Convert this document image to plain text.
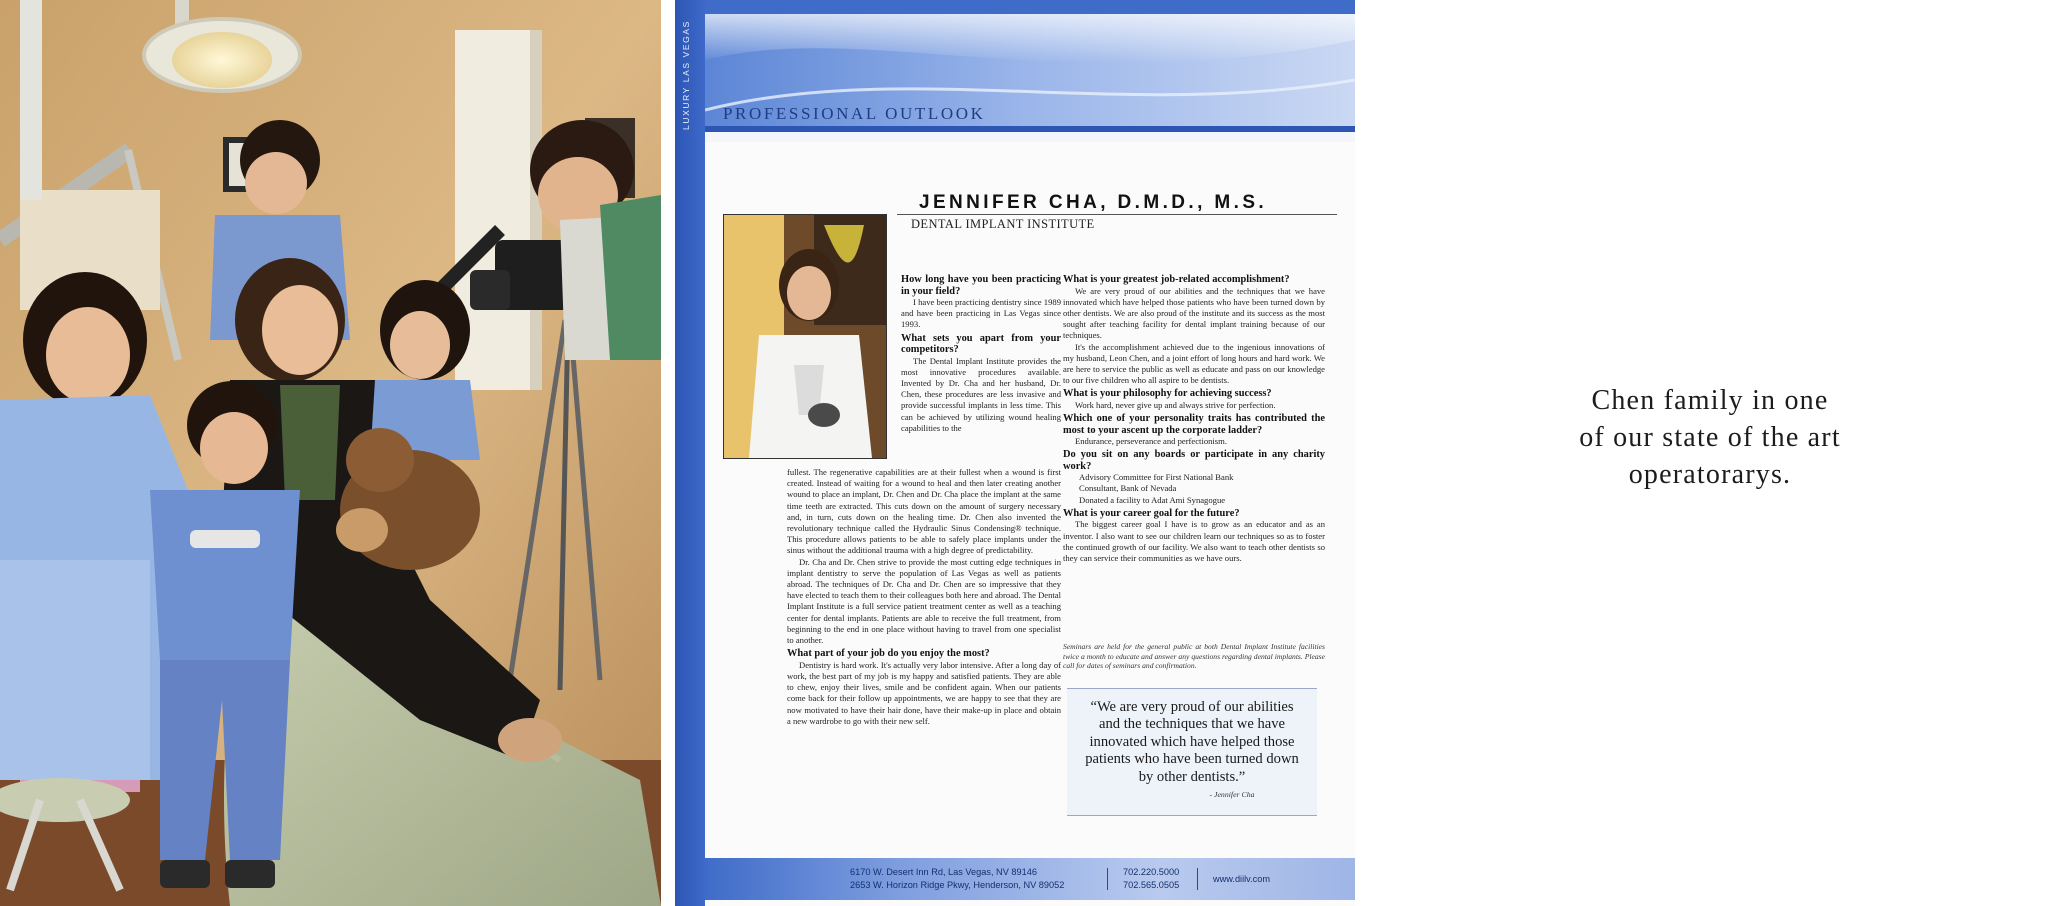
PROFESSIONAL OUTLOOK
JENNIFER CHA, D.M.D., M.S.
DENTAL IMPLANT INSTITUTE

How long have you been practicing in your field?

I have been practicing dentistry since 1989 and have been practicing in Las Vegas since 1993.

What sets you apart from your competitors?

The Dental Implant Institute provides the most innovative procedures available. Invented by Dr. Cha and her husband, Dr. Chen, these procedures are less invasive and provide successful implants in less time. This can be achieved by utilizing wound healing capabilities to the

fullest. The regenerative capabilities are at their fullest when a wound is first created. Instead of waiting for a wound to heal and then later creating another wound to place an implant, Dr. Chen and Dr. Cha place the implant at the same time teeth are extracted. This cuts down on the amount of surgery necessary and, in turn, cuts down on the healing time. Dr. Chen also invented the revolutionary technique called the Hydraulic Sinus Condensing® technique. This procedure allows patients to be able to safely place implants under the sinus without the additional trauma with a high degree of predictability.

Dr. Cha and Dr. Chen strive to provide the most cutting edge techniques in implant dentistry to serve the population of Las Vegas as well as patients abroad. The techniques of Dr. Cha and Dr. Chen are so impressive that they have elected to teach them to their colleagues both here and abroad. The Dental Implant Institute is a full service patient treatment center as well as a teaching center for dental implants. Patients are able to receive the full treatment, from beginning to the end in one place without having to travel from one specialist to another.

What part of your job do you enjoy the most?

Dentistry is hard work. It's actually very labor intensive. After a long day of work, the best part of my job is my happy and satisfied patients. They are able to chew, enjoy their lives, smile and be confident again. When our patients come back for their follow up appointments, we are happy to see that they are now motivated to have their hair done, have their make-up in place and obtain a new wardrobe to go with their new self.

What is your greatest job-related accomplishment?

We are very proud of our abilities and the techniques that we have innovated which have helped those patients who have been turned down by other dentists. We are also proud of the institute and its success as the most sought after teaching facility for dental implant training because of our techniques.

It's the accomplishment achieved due to the ingenious innovations of my husband, Leon Chen, and a joint effort of long hours and hard work. We are here to service the public as well as educate and pass on our knowledge to our five children who all aspire to be dentists.

What is your philosophy for achieving success?

Work hard, never give up and always strive for perfection.

Which one of your personality traits has contributed the most to your ascent up the corporate ladder?

Endurance, perseverance and perfectionism.

Do you sit on any boards or participate in any charity work?

Advisory Committee for First National Bank

Consultant, Bank of Nevada

Donated a facility to Adat Ami Synagogue

What is your career goal for the future?

The biggest career goal I have is to grow as an educator and as an inventor. I also want to see our children learn our techniques so as to foster the continued growth of our facility. We also want to teach other dentists so they can service their communities as we have ours.

Seminars are held for the general public at both Dental Implant Institute facilities twice a month to educate and answer any questions regarding dental implants. Please call for dates of seminars and confirmation.
“We are very proud of our abilities and the techniques that we have innovated which have helped those patients who have been turned down by other dentists.”
- Jennifer Cha
6170 W. Desert Inn Rd, Las Vegas, NV 89146
2653 W. Horizon Ridge Pkwy, Henderson, NV 89052
702.220.5000
702.565.0505
www.diilv.com
Chen family in one
of our state of the art
operatorarys.
